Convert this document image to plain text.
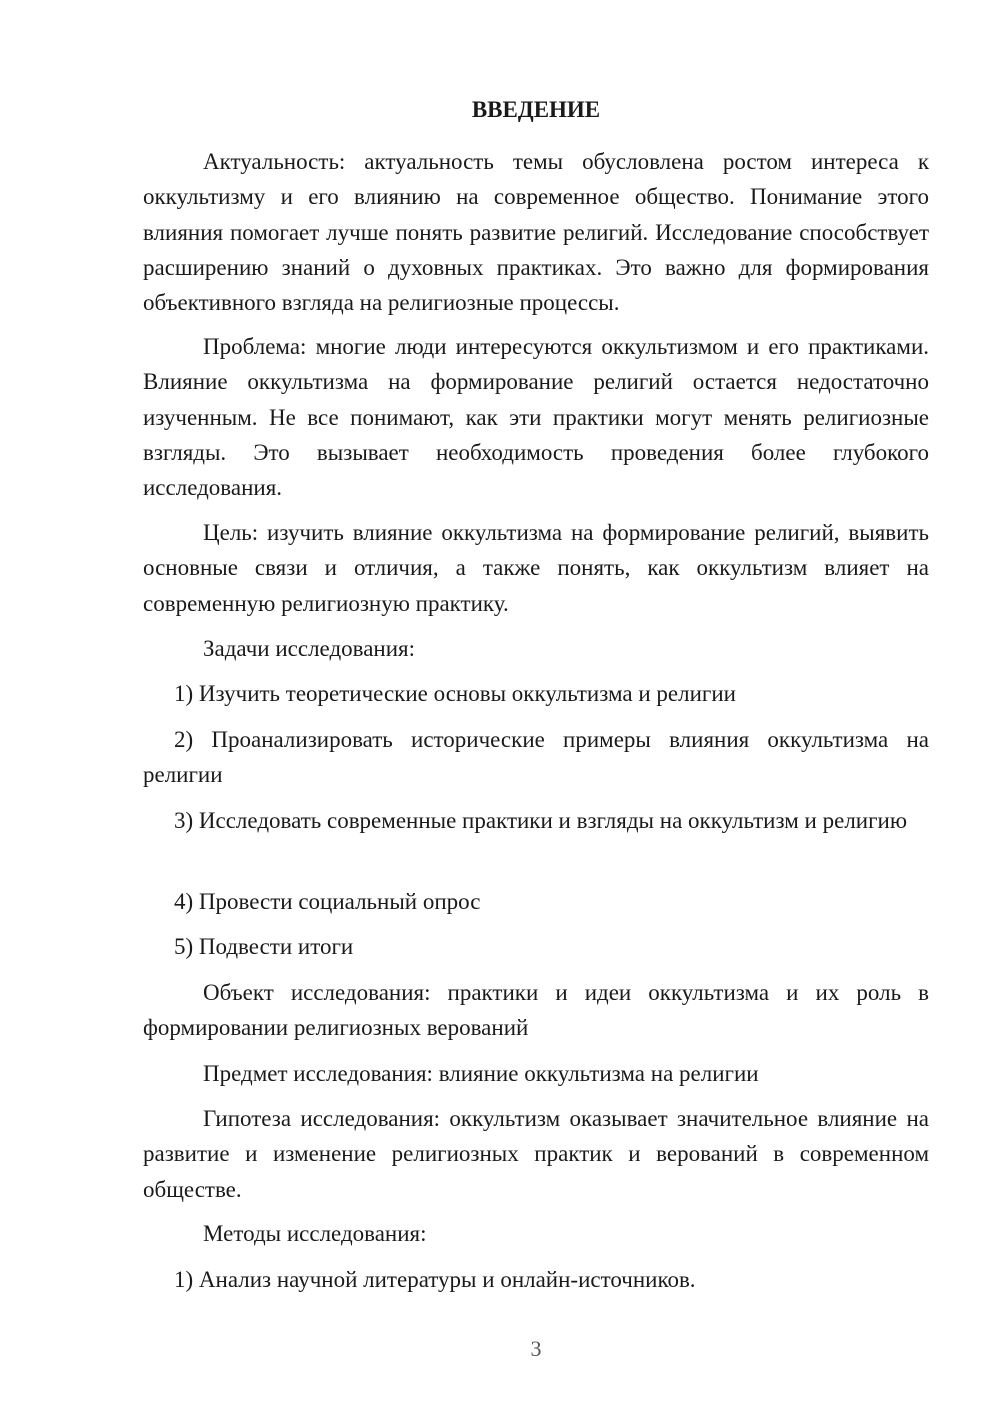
ВВЕДЕНИЕ

Актуальность: актуальность темы обусловлена ростом интереса к оккультизму и его влиянию на современное общество. Понимание этого влияния помогает лучше понять развитие религий. Исследование способствует расширению знаний о духовных практиках. Это важно для формирования объективного взгляда на религиозные процессы.

Проблема: многие люди интересуются оккультизмом и его практиками. Влияние оккультизма на формирование религий остается недостаточно изученным. Не все понимают, как эти практики могут менять религиозные взгляды. Это вызывает необходимость проведения более глубокого исследования.

Цель: изучить влияние оккультизма на формирование религий, выявить основные связи и отличия, а также понять, как оккультизм влияет на современную религиозную практику.

Задачи исследования:

1) Изучить теоретические основы оккультизма и религии

2) Проанализировать исторические примеры влияния оккультизма на религии

3) Исследовать современные практики и взгляды на оккультизм и религию

4) Провести социальный опрос

5) Подвести итоги

Объект исследования: практики и идеи оккультизма и их роль в формировании религиозных верований

Предмет исследования: влияние оккультизма на религии

Гипотеза исследования: оккультизм оказывает значительное влияние на развитие и изменение религиозных практик и верований в современном обществе.

Методы исследования:

1) Анализ научной литературы и онлайн-источников.

3
